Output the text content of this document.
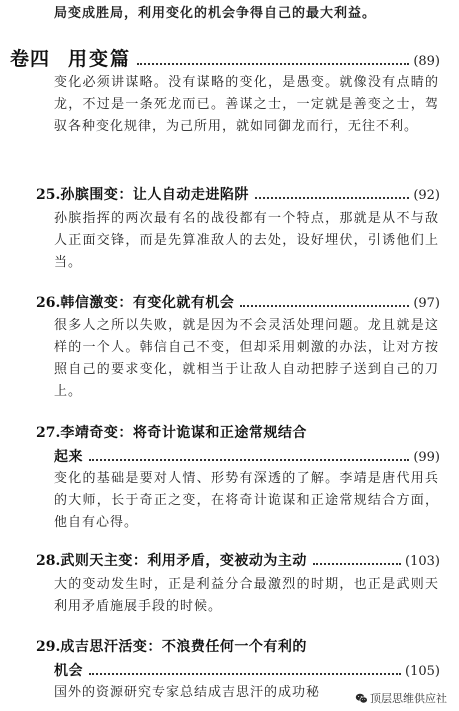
局变成胜局，利用变化的机会争得自己的最大利益。
卷四 用变篇	(89)
变化必须讲谋略。没有谋略的变化，是愚变。就像没有点睛的龙，不过是一条死龙而已。善谋之士，一定就是善变之士，驾驭各种变化规律，为己所用，就如同御龙而行，无往不利。
25. 孙膑围变：让人自动走进陷阱	(92)
孙膑指挥的两次最有名的战役都有一个特点，那就是从不与敌人正面交锋，而是先算准敌人的去处，设好埋伏，引诱他们上当。
26. 韩信激变：有变化就有机会	(97)
很多人之所以失败，就是因为不会灵活处理问题。龙且就是这样的一个人。韩信自己不变，但却采用刺激的办法，让对方按照自己的要求变化，就相当于让敌人自动把脖子送到自己的刀上。
27. 李靖奇变：将奇计诡谋和正途常规结合
起来	(99)
变化的基础是要对人情、形势有深透的了解。李靖是唐代用兵的大师，长于奇正之变，在将奇计诡谋和正途常规结合方面，他自有心得。
28. 武则天主变：利用矛盾，变被动为主动	(103)
大的变动发生时，正是利益分合最激烈的时期，也正是武则天利用矛盾施展手段的时候。
29. 成吉思汗活变：不浪费任何一个有利的
机会	(105)
国外的资源研究专家总结成吉思汗的成功秘	顶层思维供应社
